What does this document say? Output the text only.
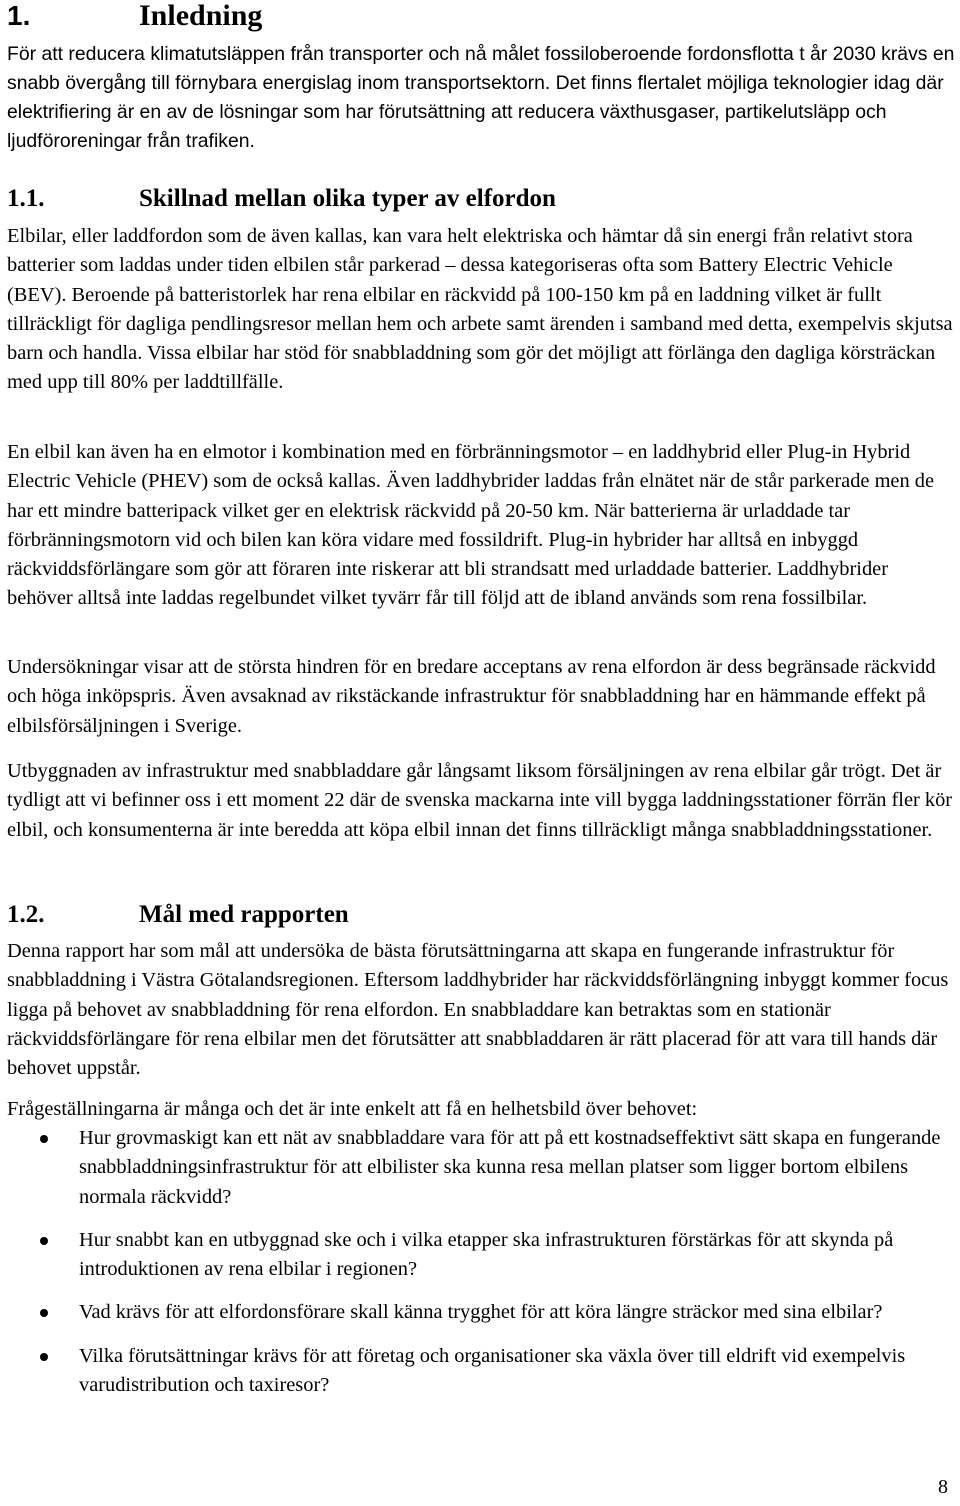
1.	Inledning

För att reducera klimatutsläppen från transporter och nå målet fossiloberoende fordonsflotta t år 2030 krävs en snabb övergång till förnybara energislag inom transportsektorn. Det finns flertalet möjliga teknologier idag där elektrifiering är en av de lösningar som har förutsättning att reducera växthusgaser, partikelutsläpp och ljudföroreningar från trafiken.

1.1.	Skillnad mellan olika typer av elfordon

Elbilar, eller laddfordon som de även kallas, kan vara helt elektriska och hämtar då sin energi från relativt stora batterier som laddas under tiden elbilen står parkerad – dessa kategoriseras ofta som Battery Electric Vehicle (BEV). Beroende på batteristorlek har rena elbilar en räckvidd på 100-150 km på en laddning vilket är fullt tillräckligt för dagliga pendlingsresor mellan hem och arbete samt ärenden i samband med detta, exempelvis skjutsa barn och handla. Vissa elbilar har stöd för snabbladdning som gör det möjligt att förlänga den dagliga körsträckan med upp till 80% per laddtillfälle.

En elbil kan även ha en elmotor i kombination med en förbränningsmotor – en laddhybrid eller Plug-in Hybrid Electric Vehicle (PHEV) som de också kallas. Även laddhybrider laddas från elnätet när de står parkerade men de har ett mindre batteripack vilket ger en elektrisk räckvidd på 20-50 km. När batterierna är urladdade tar förbränningsmotorn vid och bilen kan köra vidare med fossildrift. Plug-in hybrider har alltså en inbyggd räckviddsförlängare som gör att föraren inte riskerar att bli strandsatt med urladdade batterier. Laddhybrider behöver alltså inte laddas regelbundet vilket tyvärr får till följd att de ibland används som rena fossilbilar.

Undersökningar visar att de största hindren för en bredare acceptans av rena elfordon är dess begränsade räckvidd och höga inköpspris. Även avsaknad av rikstäckande infrastruktur för snabbladdning har en hämmande effekt på elbilsförsäljningen i Sverige.

Utbyggnaden av infrastruktur med snabbladdare går långsamt liksom försäljningen av rena elbilar går trögt. Det är tydligt att vi befinner oss i ett moment 22 där de svenska mackarna inte vill bygga laddningsstationer förrän fler kör elbil, och konsumenterna är inte beredda att köpa elbil innan det finns tillräckligt många snabbladdningsstationer.

1.2.	Mål med rapporten

Denna rapport har som mål att undersöka de bästa förutsättningarna att skapa en fungerande infrastruktur för snabbladdning i Västra Götalandsregionen. Eftersom laddhybrider har räckviddsförlängning inbyggt kommer focus ligga på behovet av snabbladdning för rena elfordon. En snabbladdare kan betraktas som en stationär räckviddsförlängare för rena elbilar men det förutsätter att snabbladdaren är rätt placerad för att vara till hands där behovet uppstår.

Frågeställningarna är många och det är inte enkelt att få en helhetsbild över behovet:

Hur grovmaskigt kan ett nät av snabbladdare vara för att på ett kostnadseffektivt sätt skapa en fungerande snabbladdningsinfrastruktur för att elbilister ska kunna resa mellan platser som ligger bortom elbilens normala räckvidd?
Hur snabbt kan en utbyggnad ske och i vilka etapper ska infrastrukturen förstärkas för att skynda på introduktionen av rena elbilar i regionen?
Vad krävs för att elfordonsförare skall känna trygghet för att köra längre sträckor med sina elbilar?
Vilka förutsättningar krävs för att företag och organisationer ska växla över till eldrift vid exempelvis varudistribution och taxiresor?
8
